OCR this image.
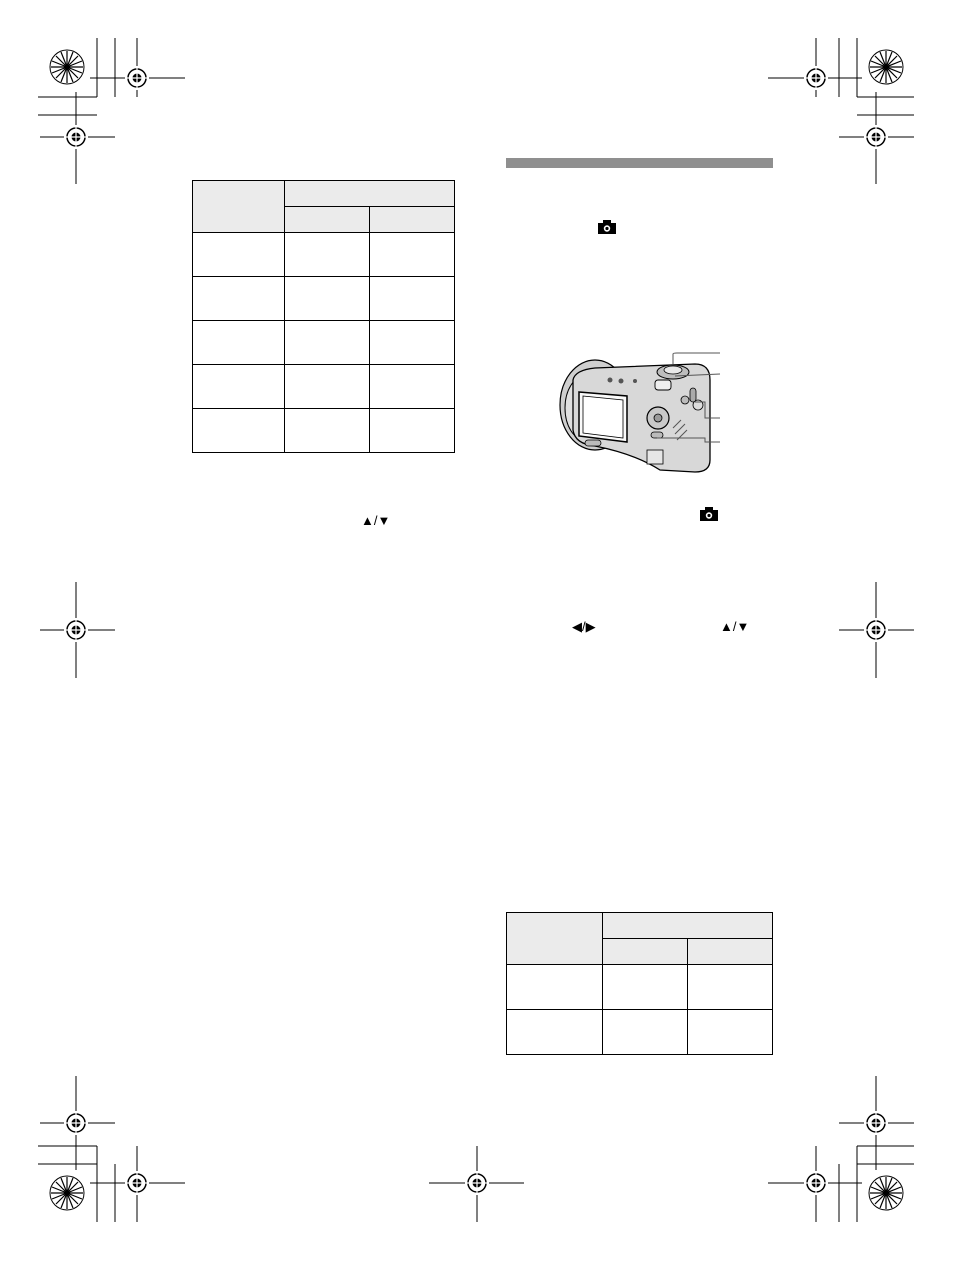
▲/▼
◀/▶	▲/▼
